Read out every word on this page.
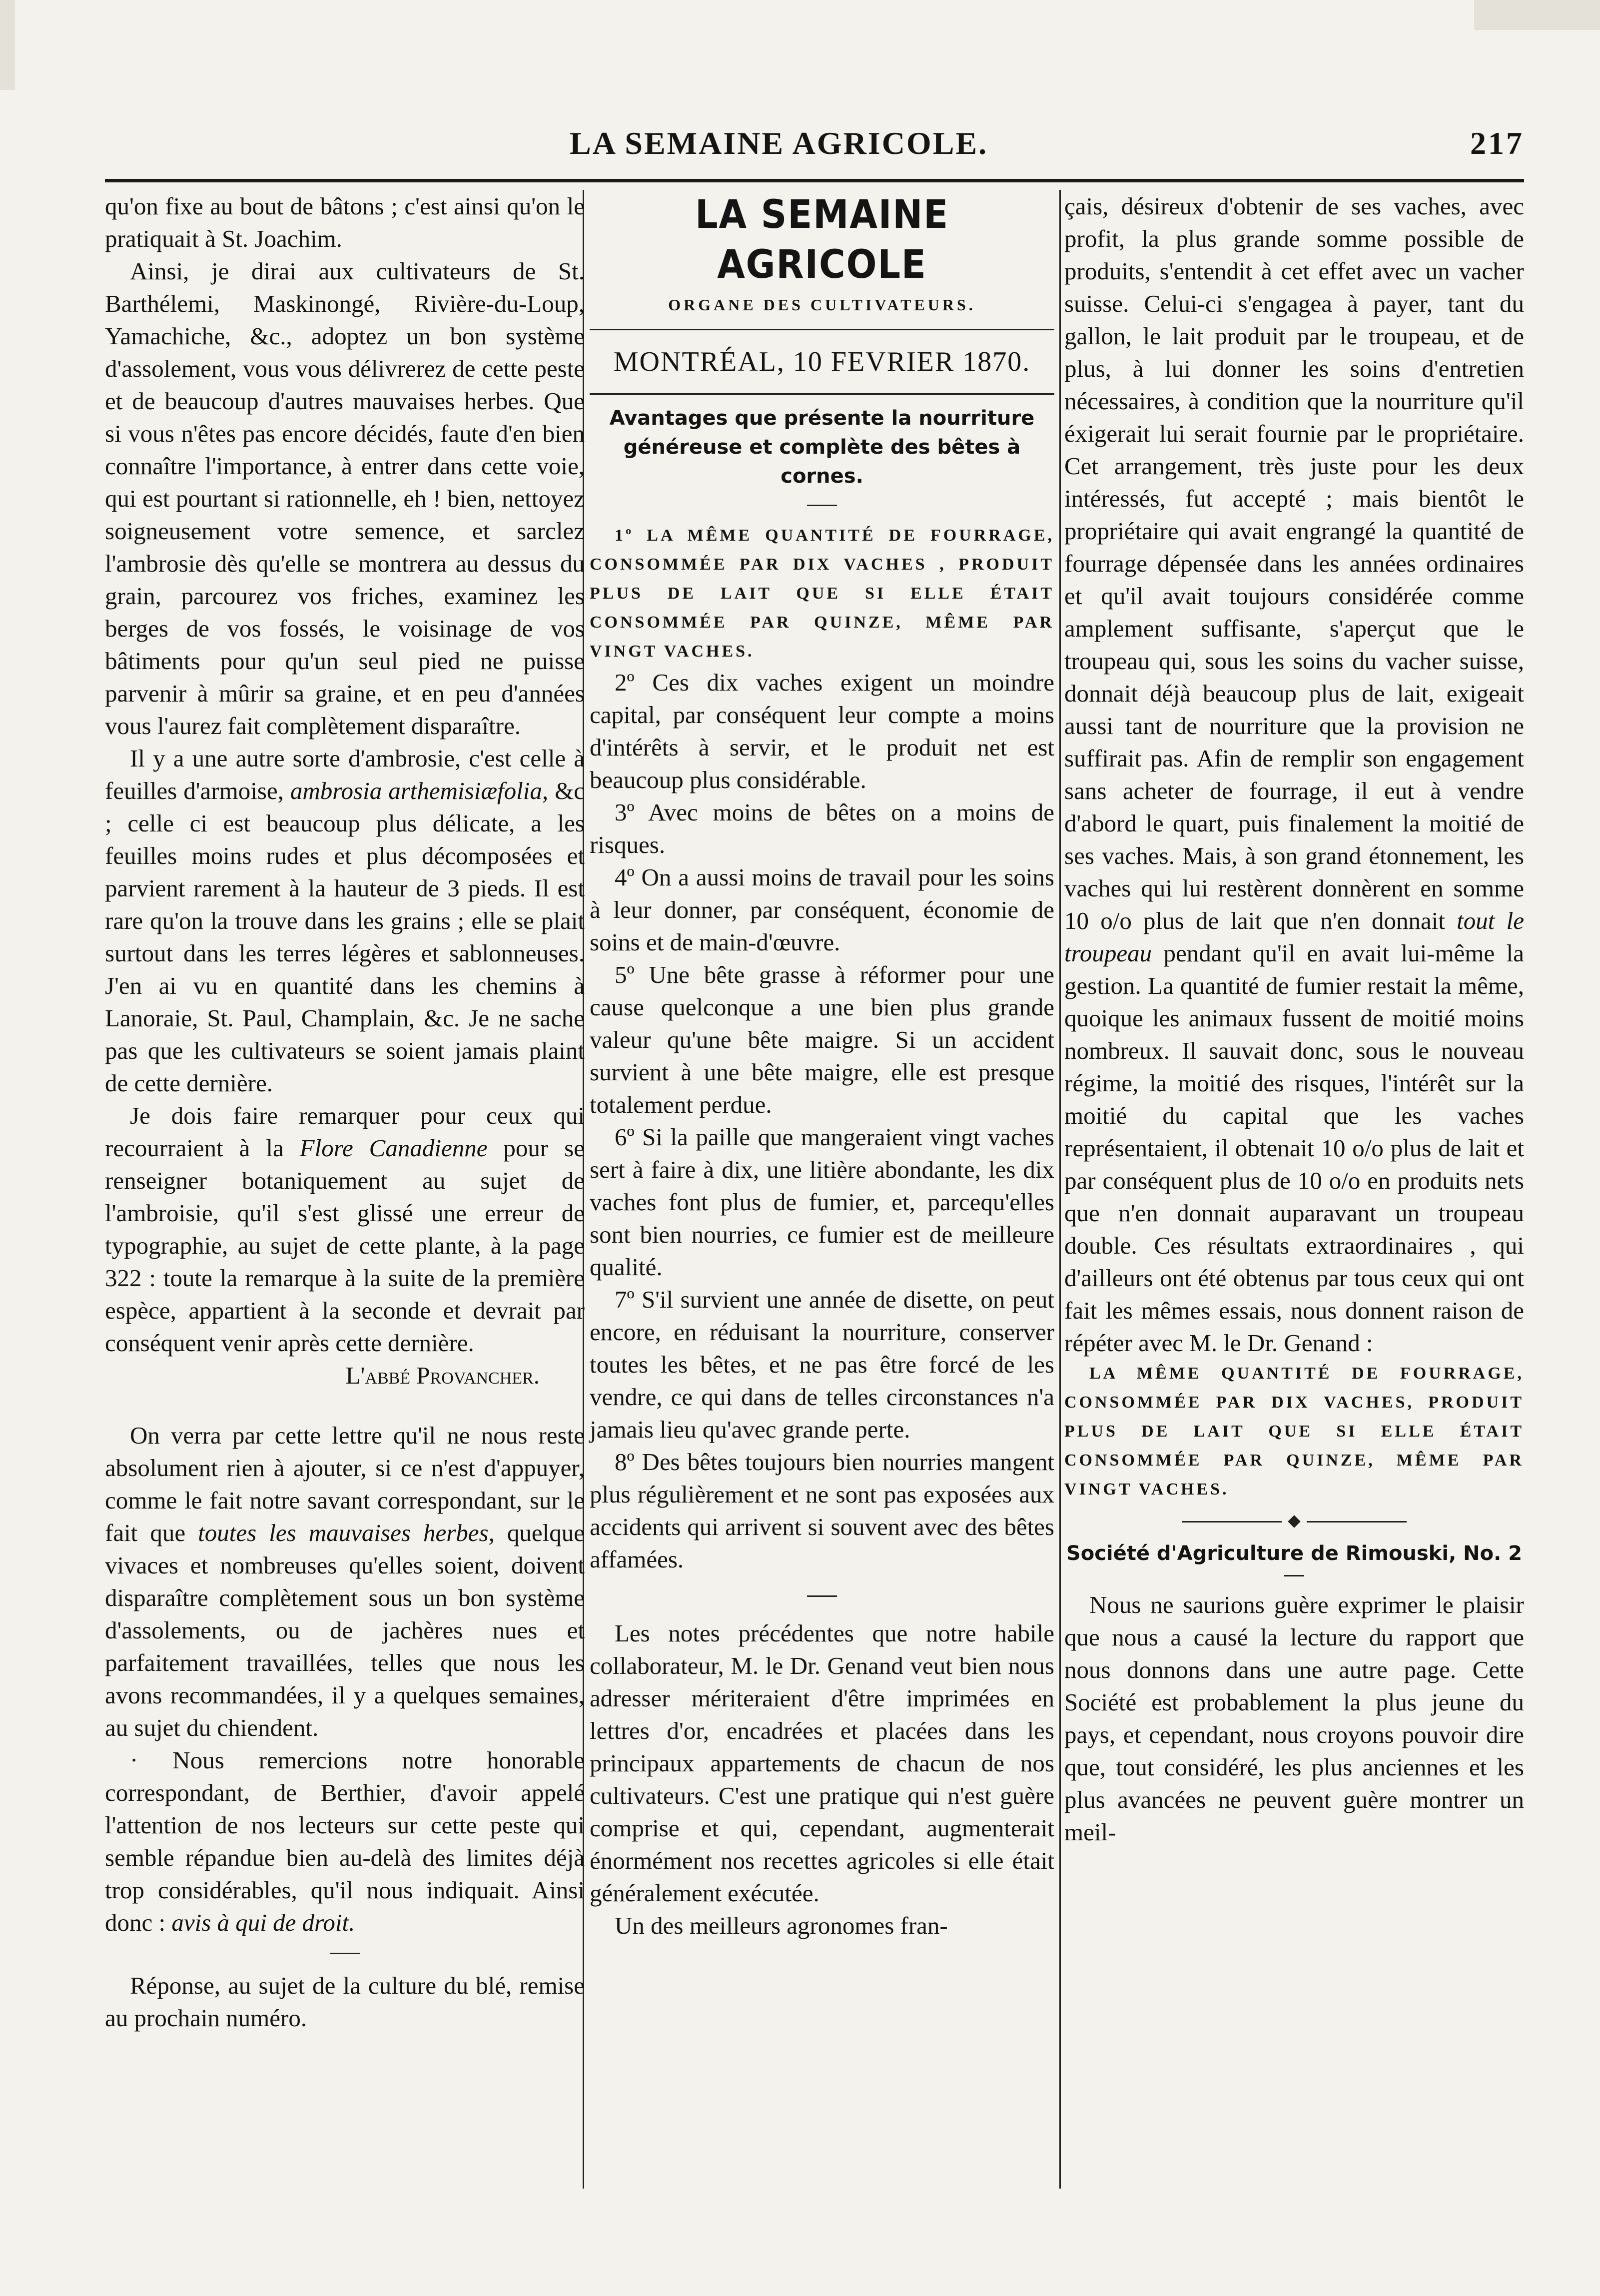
LA SEMAINE AGRICOLE.	217

qu'on fixe au bout de bâtons ; c'est ainsi qu'on le pratiquait à St. Joachim.

Ainsi, je dirai aux cultivateurs de St. Barthélemi, Maskinongé, Rivière-du-Loup, Yamachiche, &c., adoptez un bon système d'assolement, vous vous délivrerez de cette peste et de beaucoup d'autres mauvaises herbes. Que si vous n'êtes pas encore décidés, faute d'en bien connaître l'importance, à entrer dans cette voie, qui est pourtant si rationnelle, eh ! bien, nettoyez soigneusement votre semence, et sarclez l'ambrosie dès qu'elle se montrera au dessus du grain, parcourez vos friches, examinez les berges de vos fossés, le voisinage de vos bâtiments pour qu'un seul pied ne puisse parvenir à mûrir sa graine, et en peu d'années vous l'aurez fait complètement disparaître.

Il y a une autre sorte d'ambrosie, c'est celle à feuilles d'armoise, ambrosia arthemisiæfolia, &c ; celle ci est beaucoup plus délicate, a les feuilles moins rudes et plus décomposées et parvient rarement à la hauteur de 3 pieds. Il est rare qu'on la trouve dans les grains ; elle se plait surtout dans les terres légères et sablonneuses. J'en ai vu en quantité dans les chemins à Lanoraie, St. Paul, Champlain, &c. Je ne sache pas que les cultivateurs se soient jamais plaint de cette dernière.

Je dois faire remarquer pour ceux qui recourraient à la Flore Canadienne pour se renseigner botaniquement au sujet de l'ambroisie, qu'il s'est glissé une erreur de typographie, au sujet de cette plante, à la page 322 : toute la remarque à la suite de la première espèce, appartient à la seconde et devrait par conséquent venir après cette dernière.

L'abbé Provancher.

On verra par cette lettre qu'il ne nous reste absolument rien à ajouter, si ce n'est d'appuyer, comme le fait notre savant correspondant, sur le fait que toutes les mauvaises herbes, quelque vivaces et nombreuses qu'elles soient, doivent disparaître complètement sous un bon système d'assolements, ou de jachères nues et parfaitement travaillées, telles que nous les avons recommandées, il y a quelques semaines, au sujet du chiendent.

· Nous remercions notre honorable correspondant, de Berthier, d'avoir appelé l'attention de nos lecteurs sur cette peste qui semble répandue bien au-delà des limites déjà trop considérables, qu'il nous indiquait. Ainsi donc : avis à qui de droit.

Réponse, au sujet de la culture du blé, remise au prochain numéro.

LA SEMAINE AGRICOLE
ORGANE DES CULTIVATEURS.
MONTRÉAL, 10 FEVRIER 1870.
Avantages que présente la nourriture généreuse et complète des bêtes à cornes.

1º LA MÊME QUANTITÉ DE FOURRAGE, CONSOMMÉE PAR DIX VACHES , PRODUIT PLUS DE LAIT QUE SI ELLE ÉTAIT CONSOMMÉE PAR QUINZE, MÊME PAR VINGT VACHES.

2º Ces dix vaches exigent un moindre capital, par conséquent leur compte a moins d'intérêts à servir, et le produit net est beaucoup plus considérable.

3º Avec moins de bêtes on a moins de risques.

4º On a aussi moins de travail pour les soins à leur donner, par conséquent, économie de soins et de main-d'œuvre.

5º Une bête grasse à réformer pour une cause quelconque a une bien plus grande valeur qu'une bête maigre. Si un accident survient à une bête maigre, elle est presque totalement perdue.

6º Si la paille que mangeraient vingt vaches sert à faire à dix, une litière abondante, les dix vaches font plus de fumier, et, parcequ'elles sont bien nourries, ce fumier est de meilleure qualité.

7º S'il survient une année de disette, on peut encore, en réduisant la nourriture, conserver toutes les bêtes, et ne pas être forcé de les vendre, ce qui dans de telles circonstances n'a jamais lieu qu'avec grande perte.

8º Des bêtes toujours bien nourries mangent plus régulièrement et ne sont pas exposées aux accidents qui arrivent si souvent avec des bêtes affamées.

Les notes précédentes que notre habile collaborateur, M. le Dr. Genand veut bien nous adresser mériteraient d'être imprimées en lettres d'or, encadrées et placées dans les principaux appartements de chacun de nos cultivateurs. C'est une pratique qui n'est guère comprise et qui, cependant, augmenterait énormément nos recettes agricoles si elle était généralement exécutée.

Un des meilleurs agronomes fran-

çais, désireux d'obtenir de ses vaches, avec profit, la plus grande somme possible de produits, s'entendit à cet effet avec un vacher suisse. Celui-ci s'engagea à payer, tant du gallon, le lait produit par le troupeau, et de plus, à lui donner les soins d'entretien nécessaires, à condition que la nourriture qu'il éxigerait lui serait fournie par le propriétaire. Cet arrangement, très juste pour les deux intéressés, fut accepté ; mais bientôt le propriétaire qui avait engrangé la quantité de fourrage dépensée dans les années ordinaires et qu'il avait toujours considérée comme amplement suffisante, s'aperçut que le troupeau qui, sous les soins du vacher suisse, donnait déjà beaucoup plus de lait, exigeait aussi tant de nourriture que la provision ne suffirait pas. Afin de remplir son engagement sans acheter de fourrage, il eut à vendre d'abord le quart, puis finalement la moitié de ses vaches. Mais, à son grand étonnement, les vaches qui lui restèrent donnèrent en somme 10 o/o plus de lait que n'en donnait tout le troupeau pendant qu'il en avait lui-même la gestion. La quantité de fumier restait la même, quoique les animaux fussent de moitié moins nombreux. Il sauvait donc, sous le nouveau régime, la moitié des risques, l'intérêt sur la moitié du capital que les vaches représentaient, il obtenait 10 o/o plus de lait et par conséquent plus de 10 o/o en produits nets que n'en donnait auparavant un troupeau double. Ces résultats extraordinaires , qui d'ailleurs ont été obtenus par tous ceux qui ont fait les mêmes essais, nous donnent raison de répéter avec M. le Dr. Genand :

LA MÊME QUANTITÉ DE FOURRAGE, CONSOMMÉE PAR DIX VACHES, PRODUIT PLUS DE LAIT QUE SI ELLE ÉTAIT CONSOMMÉE PAR QUINZE, MÊME PAR VINGT VACHES.

Société d'Agriculture de Rimouski, No. 2

Nous ne saurions guère exprimer le plaisir que nous a causé la lecture du rapport que nous donnons dans une autre page. Cette Société est probablement la plus jeune du pays, et cependant, nous croyons pouvoir dire que, tout considéré, les plus anciennes et les plus avancées ne peuvent guère montrer un meil-
